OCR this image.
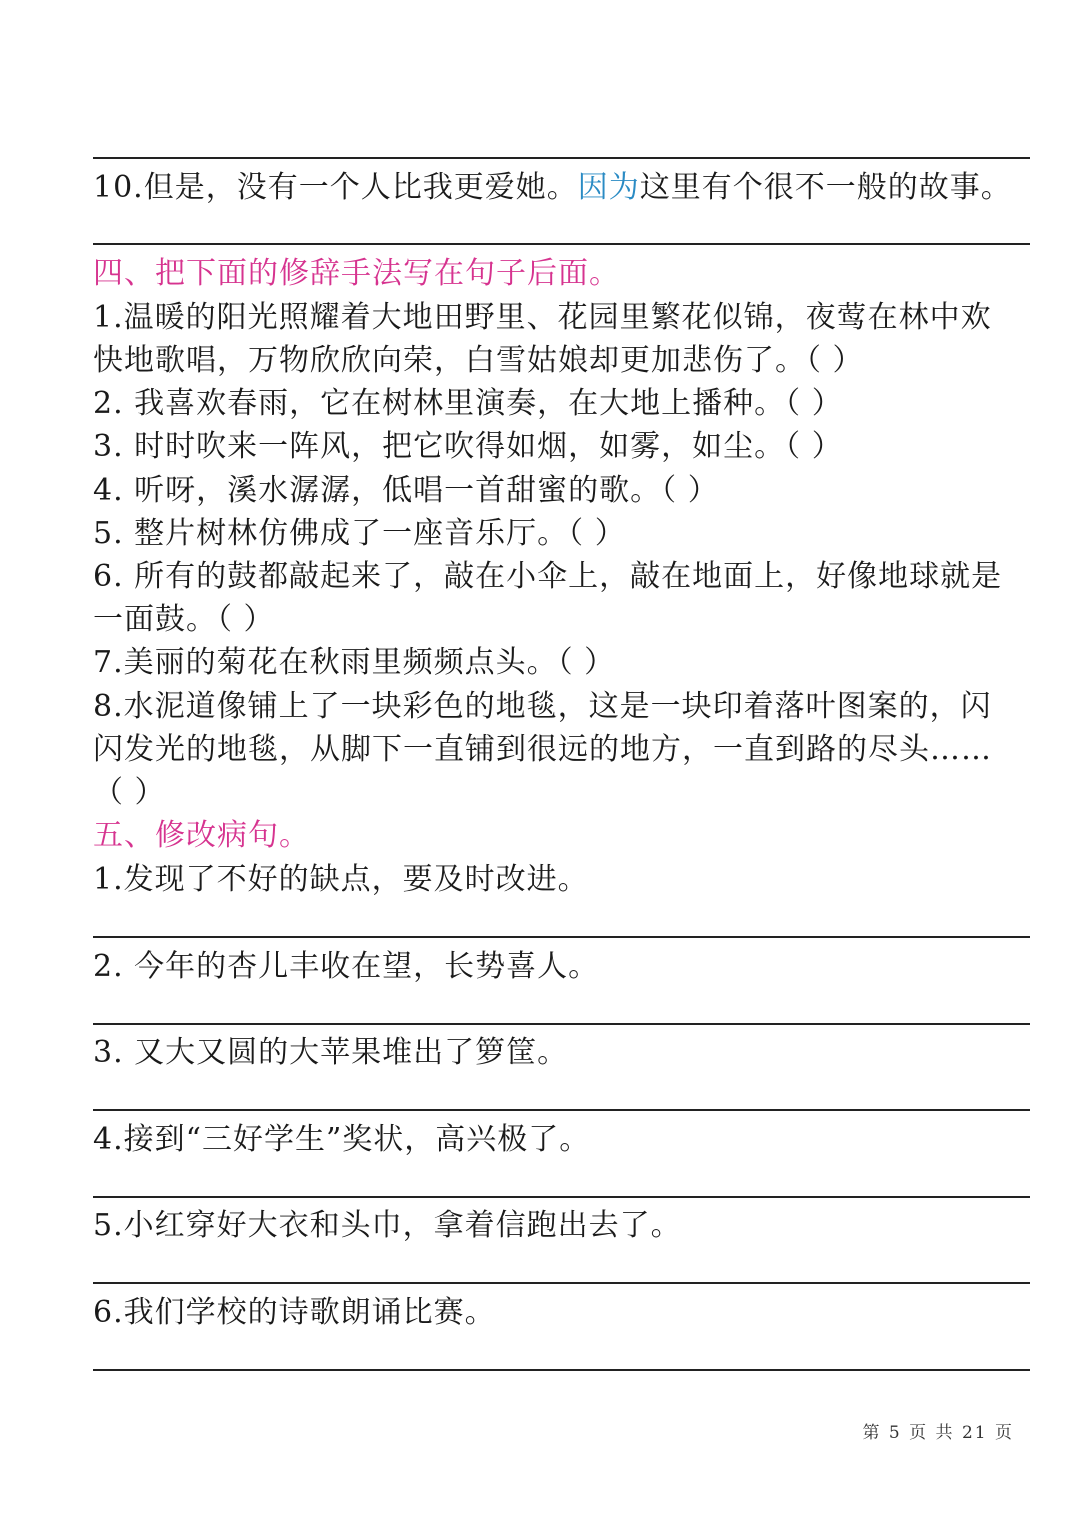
10.但是，没有一个人比我更爱她。因为这里有个很不一般的故事。
四、把下面的修辞手法写在句子后面。
1.温暖的阳光照耀着大地田野里、花园里繁花似锦，夜莺在林中欢
快地歌唱，万物欣欣向荣，白雪姑娘却更加悲伤了。（ ）
2. 我喜欢春雨，它在树林里演奏，在大地上播种。（ ）
3. 时时吹来一阵风，把它吹得如烟，如雾，如尘。（ ）
4. 听呀，溪水潺潺，低唱一首甜蜜的歌。（ ）
5. 整片树林仿佛成了一座音乐厅。（ ）
6. 所有的鼓都敲起来了，敲在小伞上，敲在地面上，好像地球就是
一面鼓。（ ）
7.美丽的菊花在秋雨里频频点头。（ ）
8.水泥道像铺上了一块彩色的地毯，这是一块印着落叶图案的，闪
闪发光的地毯，从脚下一直铺到很远的地方，一直到路的尽头……
（ ）
五、修改病句。
1.发现了不好的缺点，要及时改进。
2. 今年的杏儿丰收在望，长势喜人。
3. 又大又圆的大苹果堆出了箩筐。
4.接到“三好学生”奖状，高兴极了。
5.小红穿好大衣和头巾，拿着信跑出去了。
6.我们学校的诗歌朗诵比赛。
第 5 页 共 21 页
